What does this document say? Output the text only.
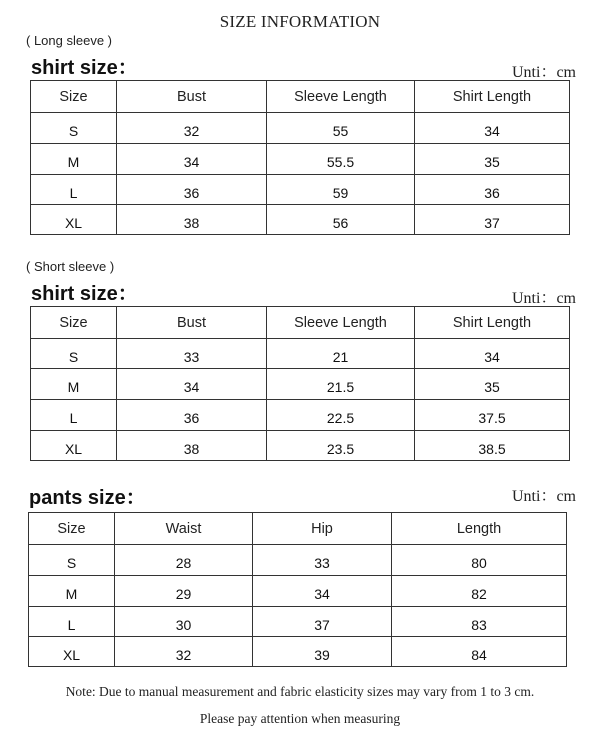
SIZE INFORMATION
( Long sleeve )
shirt size：	Unti：cm
Size	Bust	Sleeve Length	Shirt Length
S	32	55	34
M	34	55.5	35
L	36	59	36
XL	38	56	37
( Short sleeve )
shirt size：	Unti：cm
Size	Bust	Sleeve Length	Shirt Length
S	33	21	34
M	34	21.5	35
L	36	22.5	37.5
XL	38	23.5	38.5
pants size：	Unti：cm
Size	Waist	Hip	Length
S	28	33	80
M	29	34	82
L	30	37	83
XL	32	39	84
Note: Due to manual measurement and fabric elasticity sizes may vary from 1 to 3 cm.
Please pay attention when measuring
